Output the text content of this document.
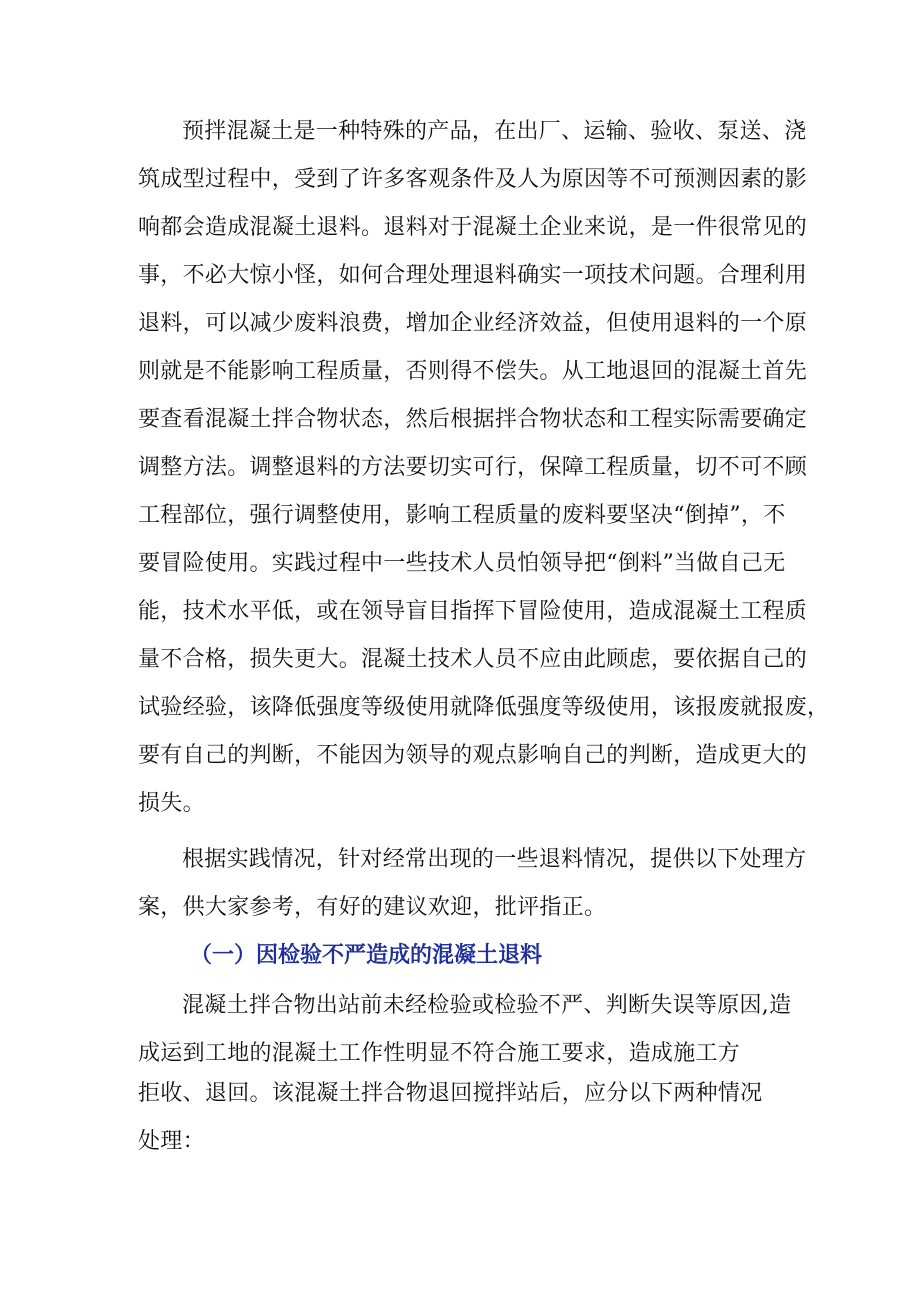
预拌混凝土是一种特殊的产品，在出厂、运输、验收、泵送、浇
筑成型过程中，受到了许多客观条件及人为原因等不可预测因素的影
响都会造成混凝土退料。退料对于混凝土企业来说，是一件很常见的
事，不必大惊小怪，如何合理处理退料确实一项技术问题。合理利用
退料，可以减少废料浪费，增加企业经济效益，但使用退料的一个原
则就是不能影响工程质量，否则得不偿失。从工地退回的混凝土首先
要查看混凝土拌合物状态，然后根据拌合物状态和工程实际需要确定
调整方法。调整退料的方法要切实可行，保障工程质量，切不可不顾
工程部位，强行调整使用，影响工程质量的废料要坚决“倒掉”，不
要冒险使用。实践过程中一些技术人员怕领导把“倒料”当做自己无
能，技术水平低，或在领导盲目指挥下冒险使用，造成混凝土工程质
量不合格，损失更大。混凝土技术人员不应由此顾虑，要依据自己的
试验经验，该降低强度等级使用就降低强度等级使用，该报废就报废，
要有自己的判断，不能因为领导的观点影响自己的判断，造成更大的
损失。
根据实践情况，针对经常出现的一些退料情况，提供以下处理方
案，供大家参考，有好的建议欢迎，批评指正。
（一）因检验不严造成的混凝土退料
混凝土拌合物出站前未经检验或检验不严、判断失误等原因,造
成运到工地的混凝土工作性明显不符合施工要求，造成施工方
拒收、退回。该混凝土拌合物退回搅拌站后，应分以下两种情况
处理：
